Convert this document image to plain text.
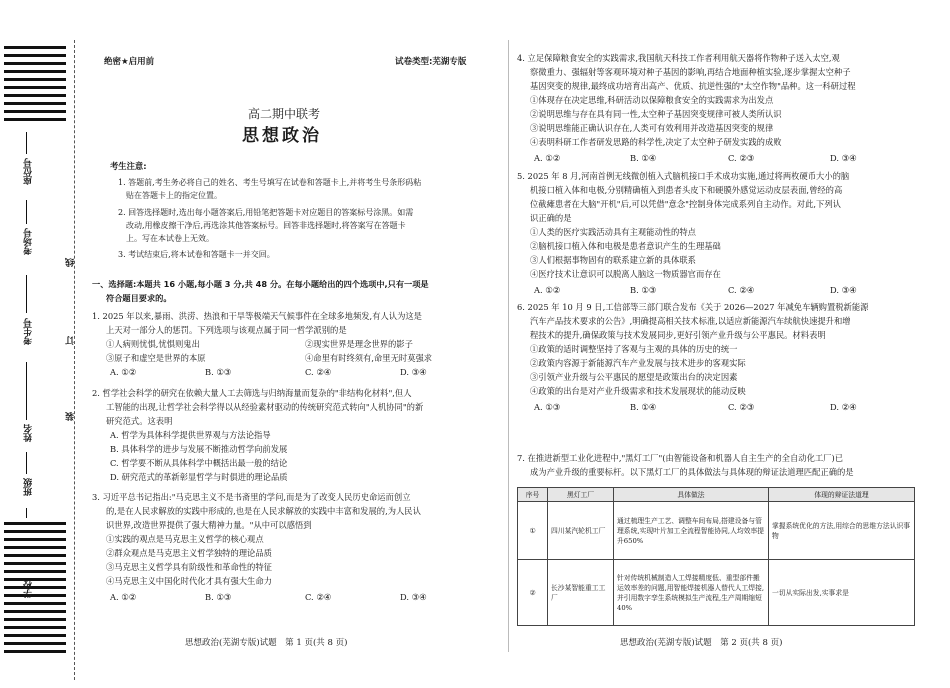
座位号
考场号
考生号
姓名
班级
学校
线
订
装
绝密★启用前	试卷类型:芜湖专版
高二期中联考
思想政治
考生注意:
1. 答题前,考生务必将自己的姓名、考生号填写在试卷和答题卡上,并将考生号条形码粘
贴在答题卡上的指定位置。
2. 回答选择题时,选出每小题答案后,用铅笔把答题卡对应题目的答案标号涂黑。如需
改动,用橡皮擦干净后,再选涂其他答案标号。回答非选择题时,将答案写在答题卡
上。写在本试卷上无效。
3. 考试结束后,将本试卷和答题卡一并交回。
一、选择题:本题共 16 小题,每小题 3 分,共 48 分。在每小题给出的四个选项中,只有一项是
符合题目要求的。
1. 2025 年以来,暴雨、洪涝、热浪和干旱等极端天气候事件在全球多地频发,有人认为这是
上天对一部分人的惩罚。下列选项与该观点属于同一哲学派别的是
①人病则忧惧,忧惧则鬼出	②现实世界是理念世界的影子
③原子和虚空是世界的本原	④命里有时终须有,命里无时莫强求
A. ①②	B. ①③	C. ②④	D. ③④
2. 哲学社会科学的研究在依赖大量人工去筛选与归纳海量而复杂的"非结构化材料",但人
工智能的出现,让哲学社会科学得以从经验素材驱动的传统研究范式转向"人机协同"的新
研究范式。这表明
A. 哲学为具体科学提供世界观与方法论指导
B. 具体科学的进步与发展不断推动哲学向前发展
C. 哲学要不断从具体科学中概括出最一般的结论
D. 研究范式的革新彰显哲学与时俱进的理论品质
3. 习近平总书记指出:"马克思主义不是书斋里的学问,而是为了改变人民历史命运而创立
的,是在人民求解放的实践中形成的,也是在人民求解放的实践中丰富和发展的,为人民认
识世界,改造世界提供了强大精神力量。"从中可以感悟到
①实践的观点是马克思主义哲学的核心观点
②群众观点是马克思主义哲学独特的理论品质
③马克思主义哲学具有阶级性和革命性的特征
④马克思主义中国化时代化才具有强大生命力
A. ①②	B. ①③	C. ②④	D. ③④
思想政治(芜湖专版)试题　第 1 页(共 8 页)
4. 立足保障粮食安全的实践需求,我国航天科技工作者利用航天器将作物种子送入太空,观
察微重力、强辐射等客观环境对种子基因的影响,再结合地面种植实验,逐步掌握太空种子
基因突变的规律,最终成功培育出高产、优质、抗逆性强的"太空作物"品种。这一科研过程
①体现存在决定思维,科研活动以保障粮食安全的实践需求为出发点
②说明思维与存在具有同一性,太空种子基因突变规律可被人类所认识
③说明思维能正确认识存在,人类可有效利用并改造基因突变的规律
④表明科研工作者研发思路的科学性,决定了太空种子研发实践的成败
A. ①②	B. ①④	C. ②③	D. ③④
5. 2025 年 8 月,河南首例无线微创植入式脑机接口手术成功实施,通过将两枚硬币大小的脑
机接口植入体和电极,分别精确植入到患者头皮下和硬膜外感觉运动皮层表面,曾经的高
位截瘫患者在大脑"开机"后,可以凭借"意念"控制身体完成系列自主动作。对此,下列认
识正确的是
①人类的医疗实践活动具有主观能动性的特点
②脑机接口植入体和电极是患者意识产生的生理基础
③人们根据事物固有的联系建立新的具体联系
④医疗技术让意识可以脱离人脑这一物质器官而存在
A. ①②	B. ①③	C. ②④	D. ③④
6. 2025 年 10 月 9 日,工信部等三部门联合发布《关于 2026—2027 年减免车辆购置税新能源
汽车产品技术要求的公告》,明确提高相关技术标准,以适应新能源汽车续航快速提升和增
程技术的提升,确保政策与技术发展同步,更好引领产业升级与公平惠民。材料表明
①政策的适时调整坚持了客观与主观的具体的历史的统一
②政策内容源于新能源汽车产业发展与技术进步的客观实际
③引领产业升级与公平惠民的愿望是政策出台的决定因素
④政策的出台是对产业升级需求和技术发展现状的能动反映
A. ①③	B. ①④	C. ②③	D. ②④
7. 在推进新型工业化进程中,"黑灯工厂"(由智能设备和机器人自主生产的全自动化工厂)已
成为产业升级的重要标杆。以下黑灯工厂的具体做法与具体现的辩证法道理匹配正确的是
序号	黑灯工厂	具体做法	体现的辩证法道理
①	四川某汽轮机工厂	通过梳理生产工艺、调整车间布局,搭建设备与管理系统,实现叶片加工全流程智能协同,人均效率提升650%	掌握系统优化的方法,用综合的思维方法认识事物
②	长沙某智能重工工厂	针对传统机械制造人工焊接精度低、重型部件搬运效率差的问题,用智能焊接机器人替代人工焊接,并引用数字孪生系统模拟生产流程,生产周期缩短40%	一切从实际出发,实事求是
思想政治(芜湖专版)试题　第 2 页(共 8 页)
